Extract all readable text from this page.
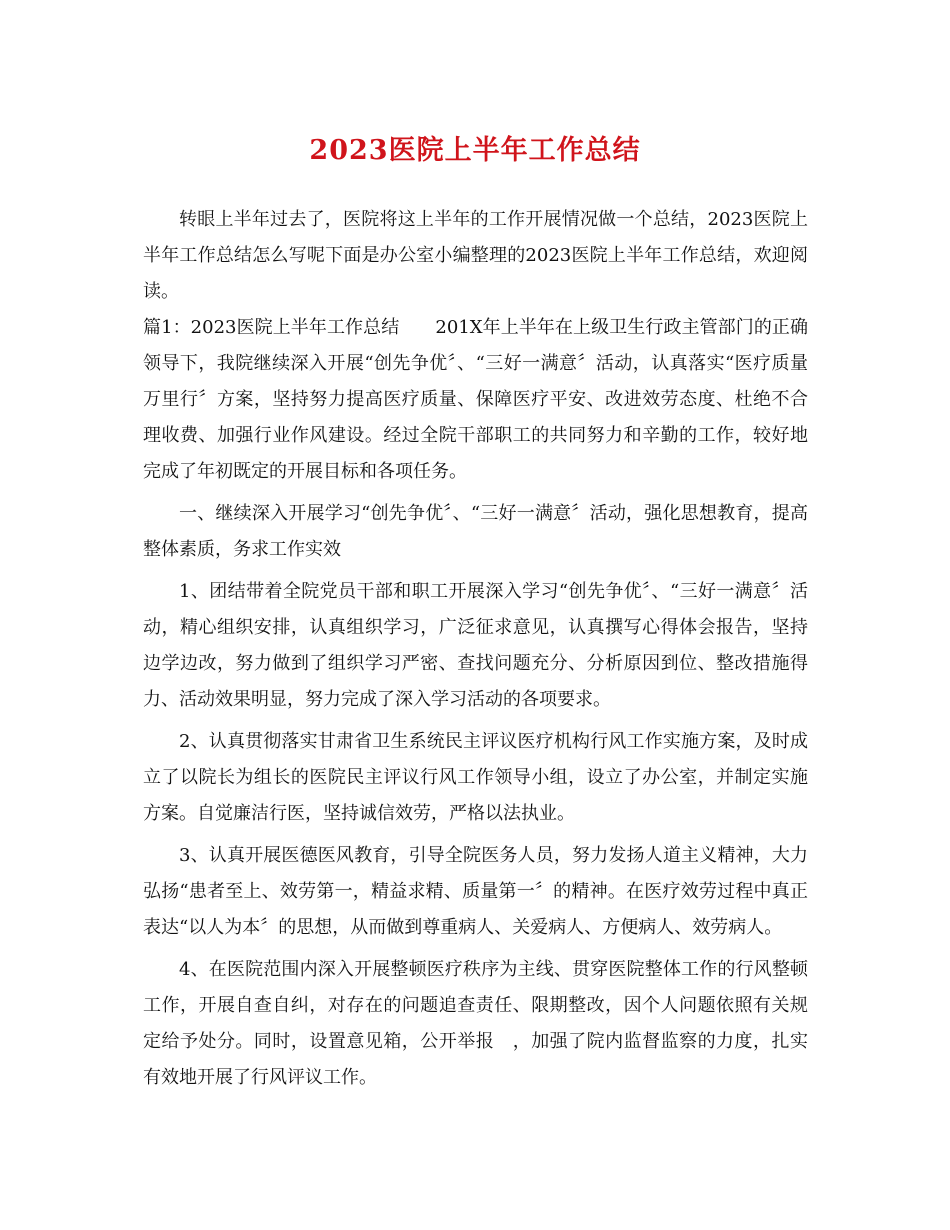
2023医院上半年工作总结

转眼上半年过去了，医院将这上半年的工作开展情况做一个总结，2023医院上半年工作总结怎么写呢下面是办公室小编整理的2023医院上半年工作总结，欢迎阅读。

篇1：2023医院上半年工作总结　　201X年上半年在上级卫生行政主管部门的正确领导下，我院继续深入开展“创先争优〞、“三好一满意〞活动，认真落实“医疗质量万里行〞方案，坚持努力提高医疗质量、保障医疗平安、改进效劳态度、杜绝不合理收费、加强行业作风建设。经过全院干部职工的共同努力和辛勤的工作，较好地完成了年初既定的开展目标和各项任务。

一、继续深入开展学习“创先争优〞、“三好一满意〞活动，强化思想教育，提高整体素质，务求工作实效

1、团结带着全院党员干部和职工开展深入学习“创先争优〞、“三好一满意〞活动，精心组织安排，认真组织学习，广泛征求意见，认真撰写心得体会报告，坚持边学边改，努力做到了组织学习严密、查找问题充分、分析原因到位、整改措施得力、活动效果明显，努力完成了深入学习活动的各项要求。

2、认真贯彻落实甘肃省卫生系统民主评议医疗机构行风工作实施方案，及时成立了以院长为组长的医院民主评议行风工作领导小组，设立了办公室，并制定实施方案。自觉廉洁行医，坚持诚信效劳，严格以法执业。

3、认真开展医德医风教育，引导全院医务人员，努力发扬人道主义精神，大力弘扬“患者至上、效劳第一，精益求精、质量第一〞的精神。在医疗效劳过程中真正表达“以人为本〞的思想，从而做到尊重病人、关爱病人、方便病人、效劳病人。

4、在医院范围内深入开展整顿医疗秩序为主线、贯穿医院整体工作的行风整顿工作，开展自查自纠，对存在的问题追查责任、限期整改，因个人问题依照有关规定给予处分。同时，设置意见箱，公开举报　，加强了院内监督监察的力度，扎实有效地开展了行风评议工作。
